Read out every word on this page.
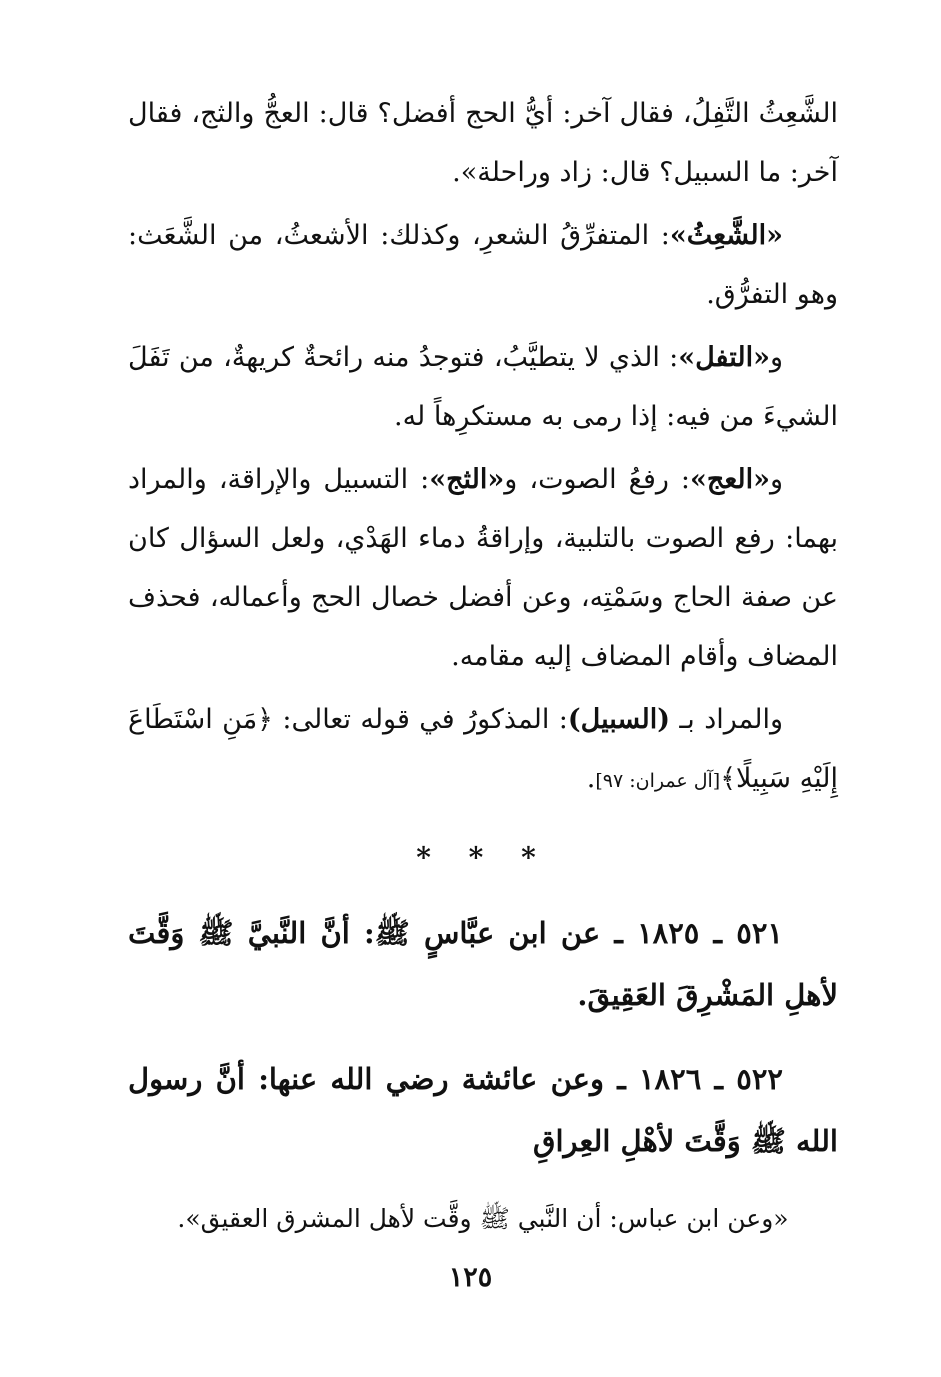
الشَّعِثُ التَّفِلُ، فقال آخر: أيُّ الحج أفضل؟ قال: العجُّ والثج، فقال آخر: ما السبيل؟ قال: زاد وراحلة».

«الشَّعِثُ»: المتفرِّقُ الشعرِ، وكذلك: الأشعثُ، من الشَّعَث: وهو التفرُّق.

و«التفل»: الذي لا يتطيَّبُ، فتوجدُ منه رائحةٌ كريهةٌ، من تَفَلَ الشيءَ من فيه: إذا رمى به مستكرِهاً له.

و«العج»: رفعُ الصوت، و«الثج»: التسبيل والإراقة، والمراد بهما: رفع الصوت بالتلبية، وإراقةُ دماء الهَدْي، ولعل السؤال كان عن صفة الحاج وسَمْتِه، وعن أفضل خصال الحج وأعماله، فحذف المضاف وأقام المضاف إليه مقامه.

والمراد بـ (السبيل): المذكورُ في قوله تعالى: ﴿مَنِ اسْتَطَاعَ إِلَيْهِ سَبِيلًا﴾[آل عمران: ٩٧].

* * *

٥٢١ ـ ١٨٢٥ ـ عن ابن عبَّاسٍ ﷺ: أنَّ النَّبيَّ ﷺ وَقَّتَ لأهلِ المَشْرِقَ العَقِيقَ.

٥٢٢ ـ ١٨٢٦ ـ وعن عائشة رضي الله عنها: أنَّ رسول الله ﷺ وَقَّتَ لأهْلِ العِراقِ

«وعن ابن عباس: أن النَّبي ﷺ وقَّت لأهل المشرق العقيق».
١٢٥
